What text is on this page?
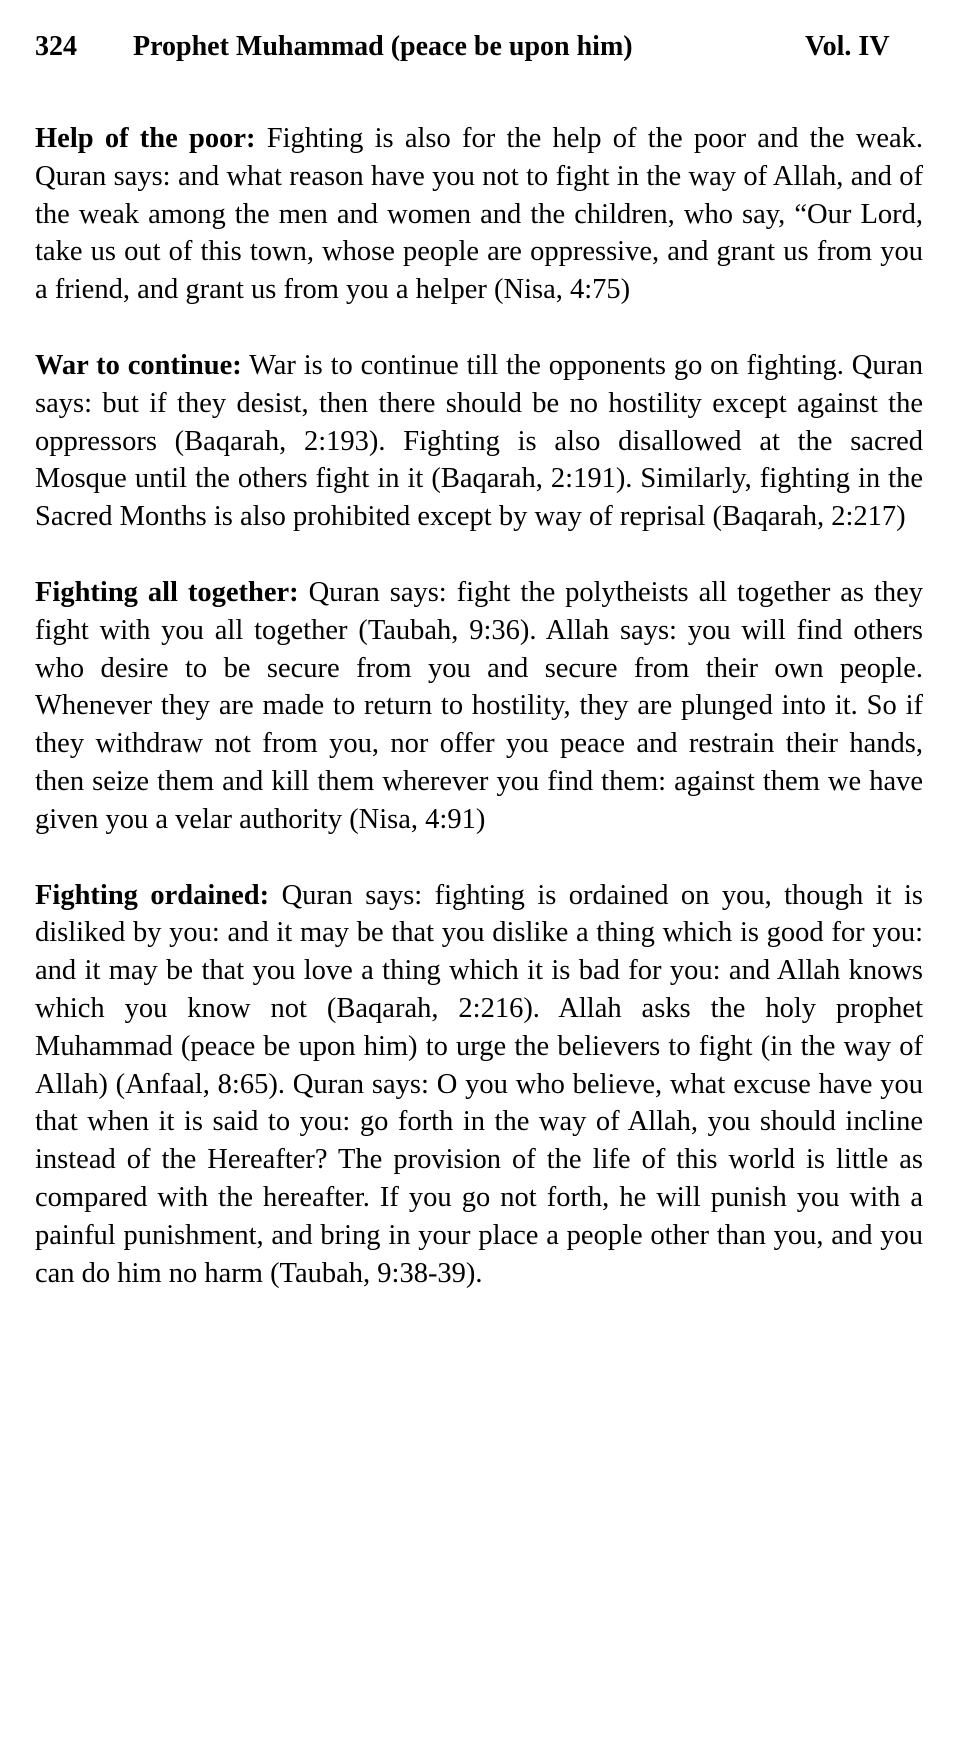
324	Prophet Muhammad (peace be upon him)	Vol. IV

Help of the poor: Fighting is also for the help of the poor and the weak. Quran says: and what reason have you not to fight in the way of Allah, and of the weak among the men and women and the children, who say, “Our Lord, take us out of this town, whose people are oppressive, and grant us from you a friend, and grant us from you a helper (Nisa, 4:75)

War to continue: War is to continue till the opponents go on fighting. Quran says: but if they desist, then there should be no hostility except against the oppressors (Baqarah, 2:193). Fighting is also disallowed at the sacred Mosque until the others fight in it (Baqarah, 2:191). Similarly, fighting in the Sacred Months is also prohibited except by way of reprisal (Baqarah, 2:217)

Fighting all together: Quran says: fight the polytheists all together as they fight with you all together (Taubah, 9:36). Allah says: you will find others who desire to be secure from you and secure from their own people. Whenever they are made to return to hostility, they are plunged into it. So if they withdraw not from you, nor offer you peace and restrain their hands, then seize them and kill them wherever you find them: against them we have given you a velar authority (Nisa, 4:91)

Fighting ordained: Quran says: fighting is ordained on you, though it is disliked by you: and it may be that you dislike a thing which is good for you: and it may be that you love a thing which it is bad for you: and Allah knows which you know not (Baqarah, 2:216). Allah asks the holy prophet Muhammad (peace be upon him) to urge the believers to fight (in the way of Allah) (Anfaal, 8:65). Quran says: O you who believe, what excuse have you that when it is said to you: go forth in the way of Allah, you should incline instead of the Hereafter? The provision of the life of this world is little as compared with the hereafter. If you go not forth, he will punish you with a painful punishment, and bring in your place a people other than you, and you can do him no harm (Taubah, 9:38-39).
